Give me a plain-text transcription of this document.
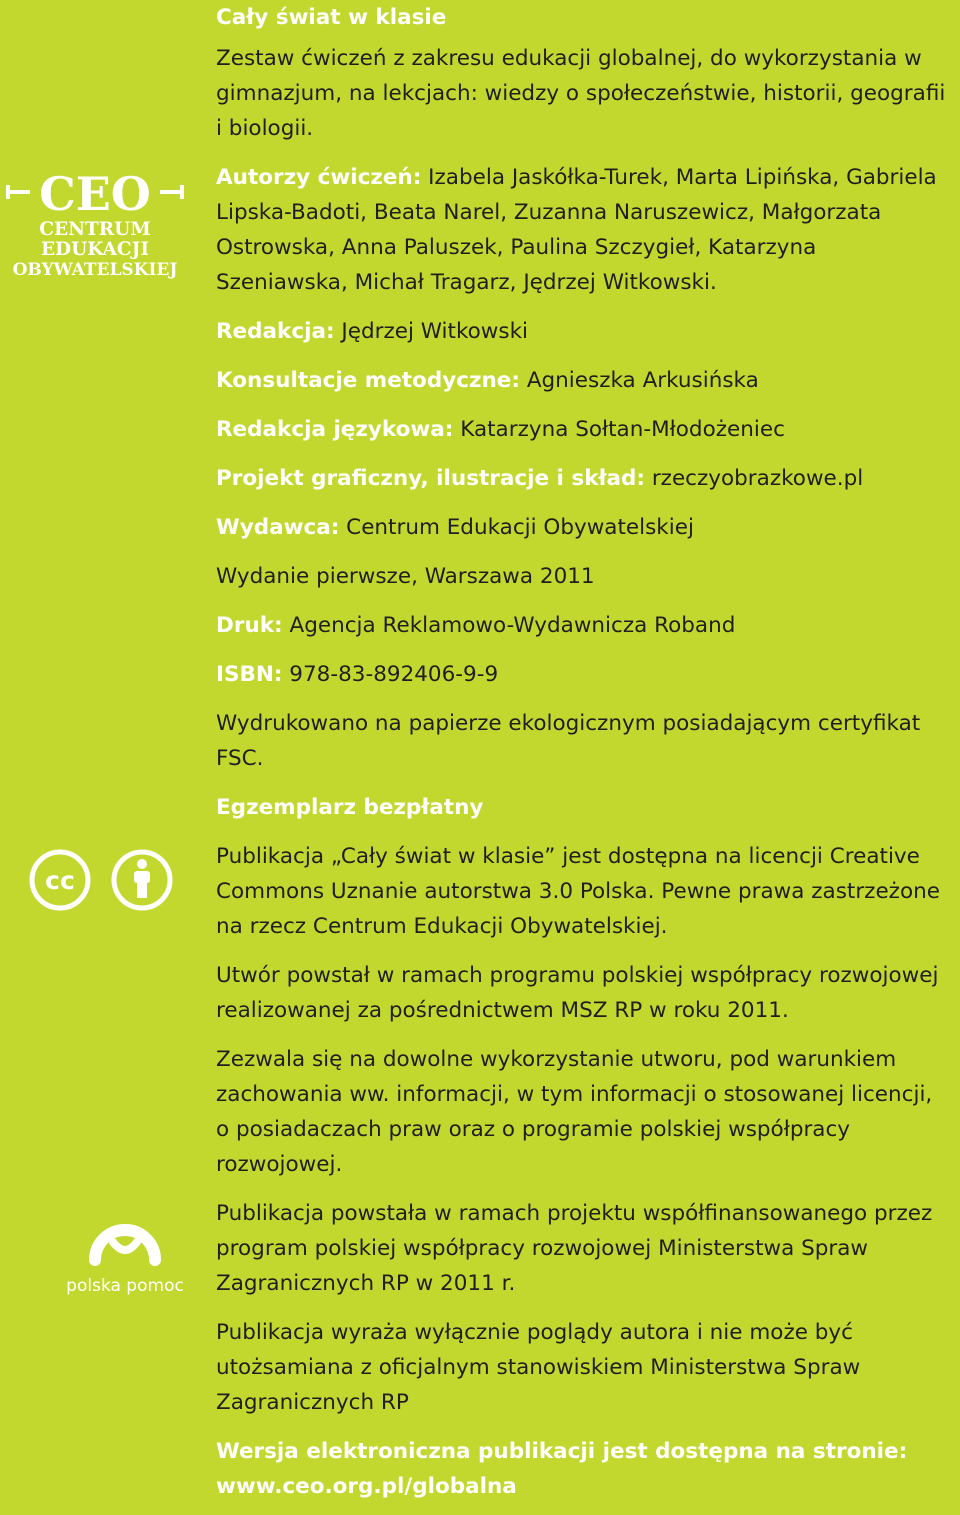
CEO
CENTRUM EDUKACJI
OBYWATELSKIEJ
cc
polska pomoc

Cały świat w klasie

Zestaw ćwiczeń z zakresu edukacji globalnej, do wykorzystania w gimnazjum, na lekcjach: wiedzy o społeczeństwie, historii, geografii i biologii.

Autorzy ćwiczeń: Izabela Jaskółka-Turek, Marta Lipińska, Gabriela Lipska-Badoti, Beata Narel, Zuzanna Naruszewicz, Małgorzata Ostrowska, Anna Paluszek, Paulina Szczygieł, Katarzyna Szeniawska, Michał Tragarz, Jędrzej Witkowski.

Redakcja: Jędrzej Witkowski

Konsultacje metodyczne: Agnieszka Arkusińska

Redakcja językowa: Katarzyna Sołtan-Młodożeniec

Projekt graficzny, ilustracje i skład: rzeczyobrazkowe.pl

Wydawca: Centrum Edukacji Obywatelskiej

Wydanie pierwsze, Warszawa 2011

Druk: Agencja Reklamowo-Wydawnicza Roband

ISBN: 978-83-892406-9-9

Wydrukowano na papierze ekologicznym posiadającym certyfikat FSC.

Egzemplarz bezpłatny

Publikacja „Cały świat w klasie” jest dostępna na licencji Creative Commons Uznanie autorstwa 3.0 Polska. Pewne prawa zastrzeżone na rzecz Centrum Edukacji Obywatelskiej.

Utwór powstał w ramach programu polskiej współpracy rozwojowej realizowanej za pośrednictwem MSZ RP w roku 2011.

Zezwala się na dowolne wykorzystanie utworu, pod warunkiem zachowania ww. informacji, w tym informacji o stosowanej licencji, o posiadaczach praw oraz o programie polskiej współpracy rozwojowej.

Publikacja powstała w ramach projektu współfinansowanego przez program polskiej współpracy rozwojowej Ministerstwa Spraw Zagranicznych RP w 2011 r.

Publikacja wyraża wyłącznie poglądy autora i nie może być utożsamiana z oficjalnym stanowiskiem Ministerstwa Spraw Zagranicznych RP

Wersja elektroniczna publikacji jest dostępna na stronie:

www.ceo.org.pl/globalna
